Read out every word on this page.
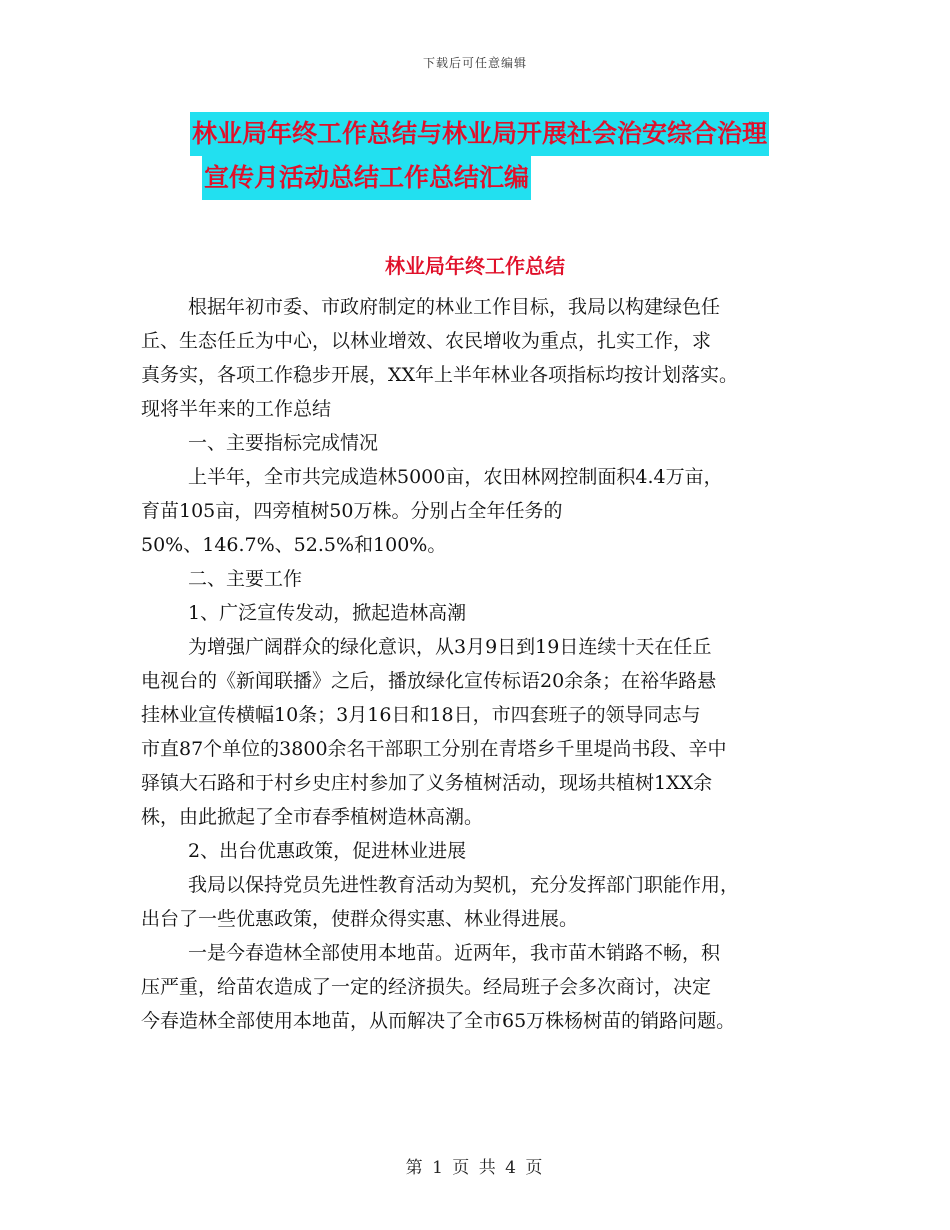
下载后可任意编辑
林业局年终工作总结与林业局开展社会治安综合治理
宣传月活动总结工作总结汇编
林业局年终工作总结

根据年初市委、市政府制定的林业工作目标，我局以构建绿色任

丘、生态任丘为中心，以林业增效、农民增收为重点，扎实工作，求

真务实，各项工作稳步开展，XX年上半年林业各项指标均按计划落实。

现将半年来的工作总结

一、主要指标完成情况

上半年，全市共完成造林5000亩，农田林网控制面积4.4万亩，

育苗105亩，四旁植树50万株。分别占全年任务的

50%、146.7%、52.5%和100%。

二、主要工作

1、广泛宣传发动，掀起造林高潮

为增强广阔群众的绿化意识，从3月9日到19日连续十天在任丘

电视台的《新闻联播》之后，播放绿化宣传标语20余条；在裕华路悬

挂林业宣传横幅10条；3月16日和18日，市四套班子的领导同志与

市直87个单位的3800余名干部职工分别在青塔乡千里堤尚书段、辛中

驿镇大石路和于村乡史庄村参加了义务植树活动，现场共植树1XX余

株，由此掀起了全市春季植树造林高潮。

2、出台优惠政策，促进林业进展

我局以保持党员先进性教育活动为契机，充分发挥部门职能作用，

出台了一些优惠政策，使群众得实惠、林业得进展。

一是今春造林全部使用本地苗。近两年，我市苗木销路不畅，积

压严重，给苗农造成了一定的经济损失。经局班子会多次商讨，决定

今春造林全部使用本地苗，从而解决了全市65万株杨树苗的销路问题。

第 1 页 共 4 页
